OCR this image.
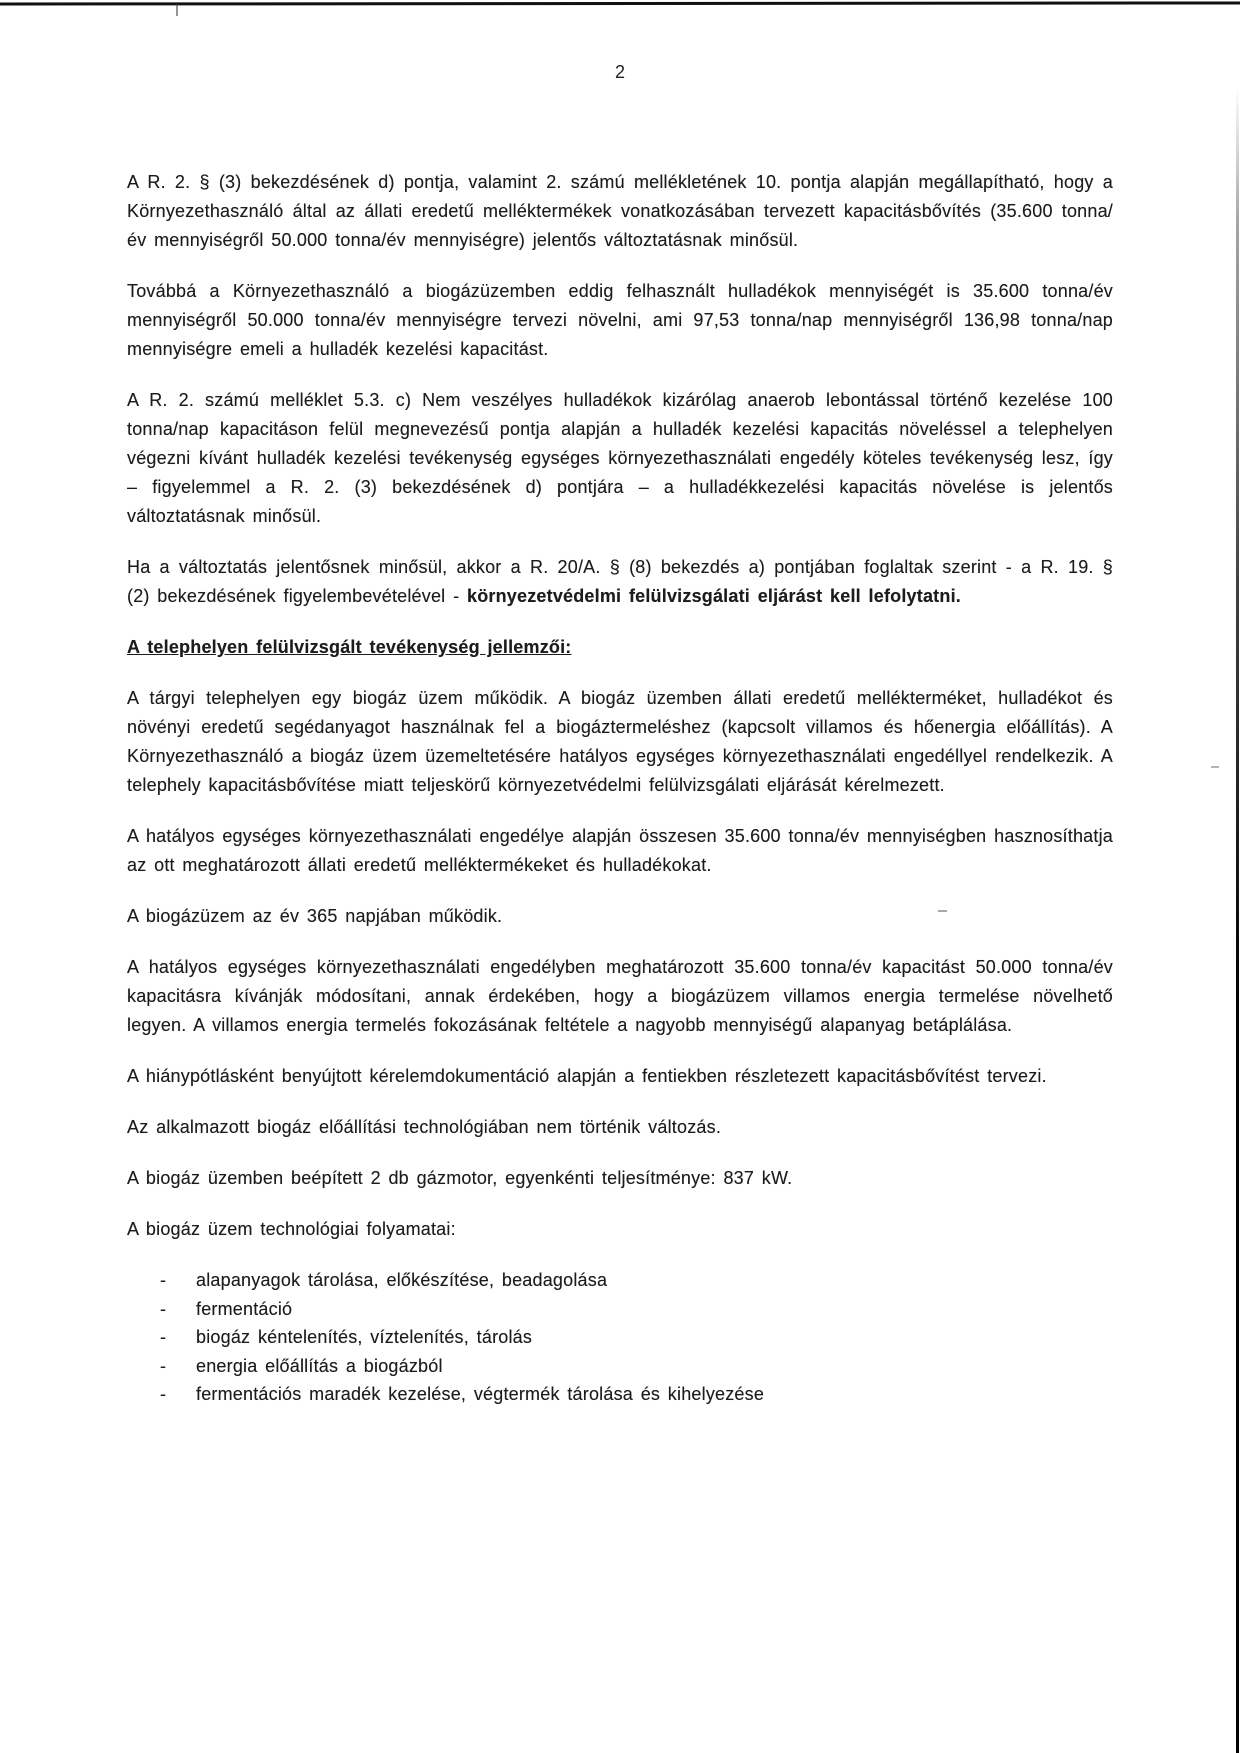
2

A R. 2. § (3) bekezdésének d) pontja, valamint 2. számú mellékletének 10. pontja alapján megállapítható, hogy a Környezethasználó által az állati eredetű melléktermékek vonatkozásában tervezett kapacitásbővítés (35.600 tonna/év mennyiségről 50.000 tonna/év mennyiségre) jelentős változtatásnak minősül.

Továbbá a Környezethasználó a biogázüzemben eddig felhasznált hulladékok mennyiségét is 35.600 tonna/év mennyiségről 50.000 tonna/év mennyiségre tervezi növelni, ami 97,53 tonna/nap mennyiségről 136,98 tonna/nap mennyiségre emeli a hulladék kezelési kapacitást.

A R. 2. számú melléklet 5.3. c) Nem veszélyes hulladékok kizárólag anaerob lebontással történő kezelése 100 tonna/nap kapacitáson felül megnevezésű pontja alapján a hulladék kezelési kapacitás növeléssel a telephelyen végezni kívánt hulladék kezelési tevékenység egységes környezethasználati engedély köteles tevékenység lesz, így – figyelemmel a R. 2. (3) bekezdésének d) pontjára – a hulladékkezelési kapacitás növelése is jelentős változtatásnak minősül.

Ha a változtatás jelentősnek minősül, akkor a R. 20/A. § (8) bekezdés a) pontjában foglaltak szerint - a R. 19. § (2) bekezdésének figyelembevételével - környezetvédelmi felülvizsgálati eljárást kell lefolytatni.

A telephelyen felülvizsgált tevékenység jellemzői:

A tárgyi telephelyen egy biogáz üzem működik. A biogáz üzemben állati eredetű mellékterméket, hulladékot és növényi eredetű segédanyagot használnak fel a biogáztermeléshez (kapcsolt villamos és hőenergia előállítás). A Környezethasználó a biogáz üzem üzemeltetésére hatályos egységes környezethasználati engedéllyel rendelkezik. A telephely kapacitásbővítése miatt teljeskörű környezetvédelmi felülvizsgálati eljárását kérelmezett.

A hatályos egységes környezethasználati engedélye alapján összesen 35.600 tonna/év mennyiségben hasznosíthatja az ott meghatározott állati eredetű melléktermékeket és hulladékokat.

A biogázüzem az év 365 napjában működik.

A hatályos egységes környezethasználati engedélyben meghatározott 35.600 tonna/év kapacitást 50.000 tonna/év kapacitásra kívánják módosítani, annak érdekében, hogy a biogázüzem villamos energia termelése növelhető legyen. A villamos energia termelés fokozásának feltétele a nagyobb mennyiségű alapanyag betáplálása.

A hiánypótlásként benyújtott kérelemdokumentáció alapján a fentiekben részletezett kapacitásbővítést tervezi.

Az alkalmazott biogáz előállítási technológiában nem történik változás.

A biogáz üzemben beépített 2 db gázmotor, egyenkénti teljesítménye: 837 kW.

A biogáz üzem technológiai folyamatai:

- alapanyagok tárolása, előkészítése, beadagolása
- fermentáció
- biogáz kéntelenítés, víztelenítés, tárolás
- energia előállítás a biogázból
- fermentációs maradék kezelése, végtermék tárolása és kihelyezése
